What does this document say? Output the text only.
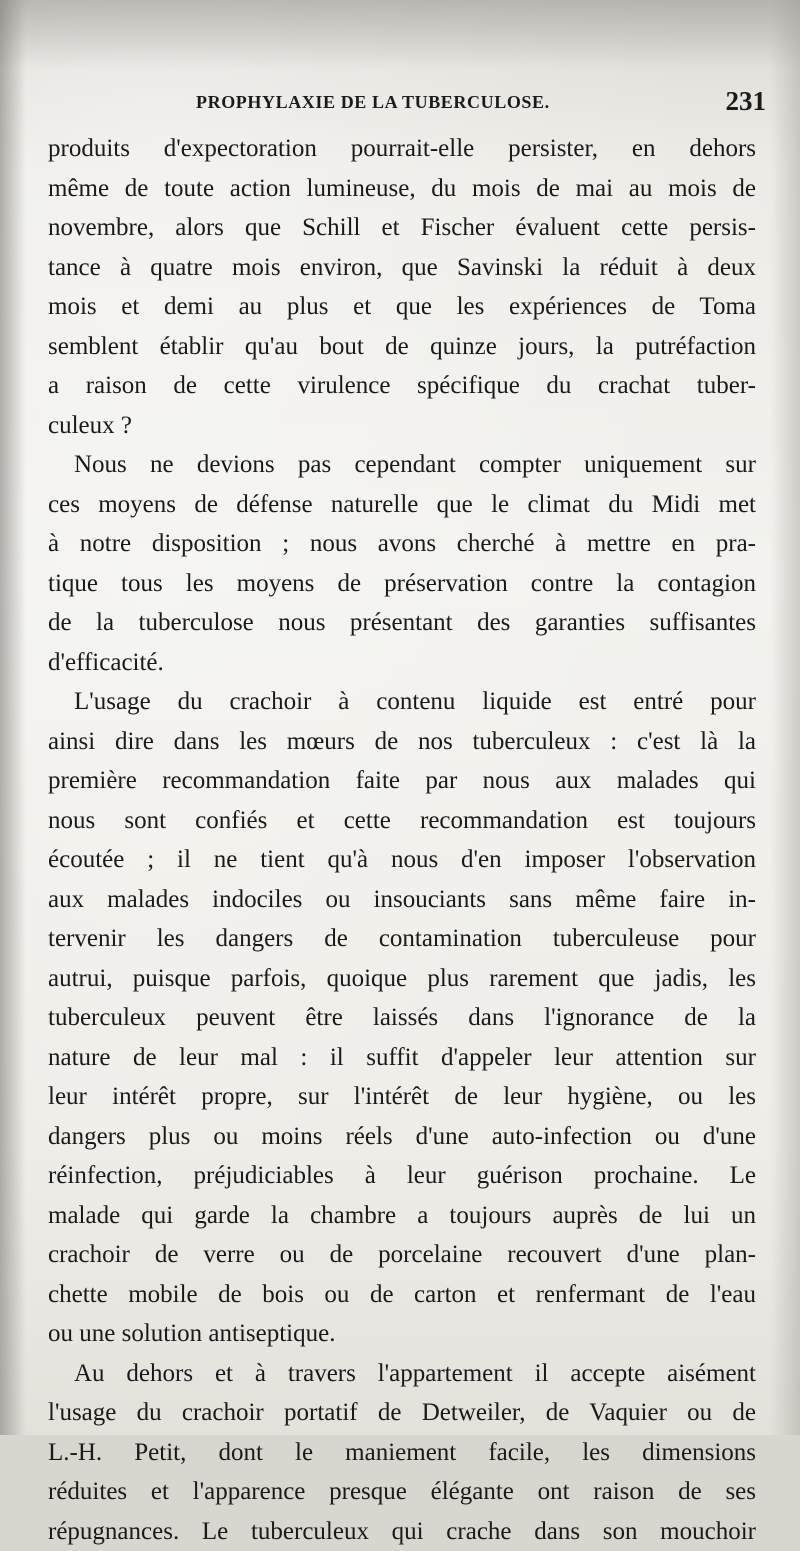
PROPHYLAXIE DE LA TUBERCULOSE.	231
produits d'expectoration pourrait-elle persister, en dehors
même de toute action lumineuse, du mois de mai au mois de
novembre, alors que Schill et Fischer évaluent cette persis-
tance à quatre mois environ, que Savinski la réduit à deux
mois et demi au plus et que les expériences de Toma
semblent établir qu'au bout de quinze jours, la putréfaction
a raison de cette virulence spécifique du crachat tuber-
culeux ?
Nous ne devions pas cependant compter uniquement sur
ces moyens de défense naturelle que le climat du Midi met
à notre disposition ; nous avons cherché à mettre en pra-
tique tous les moyens de préservation contre la contagion
de la tuberculose nous présentant des garanties suffisantes
d'efficacité.
L'usage du crachoir à contenu liquide est entré pour
ainsi dire dans les mœurs de nos tuberculeux : c'est là la
première recommandation faite par nous aux malades qui
nous sont confiés et cette recommandation est toujours
écoutée ; il ne tient qu'à nous d'en imposer l'observation
aux malades indociles ou insouciants sans même faire in-
tervenir les dangers de contamination tuberculeuse pour
autrui, puisque parfois, quoique plus rarement que jadis, les
tuberculeux peuvent être laissés dans l'ignorance de la
nature de leur mal : il suffit d'appeler leur attention sur
leur intérêt propre, sur l'intérêt de leur hygiène, ou les
dangers plus ou moins réels d'une auto-infection ou d'une
réinfection, préjudiciables à leur guérison prochaine. Le
malade qui garde la chambre a toujours auprès de lui un
crachoir de verre ou de porcelaine recouvert d'une plan-
chette mobile de bois ou de carton et renfermant de l'eau
ou une solution antiseptique.
Au dehors et à travers l'appartement il accepte aisément
l'usage du crachoir portatif de Detweiler, de Vaquier ou de
L.-H. Petit, dont le maniement facile, les dimensions
réduites et l'apparence presque élégante ont raison de ses
répugnances. Le tuberculeux qui crache dans son mouchoir
